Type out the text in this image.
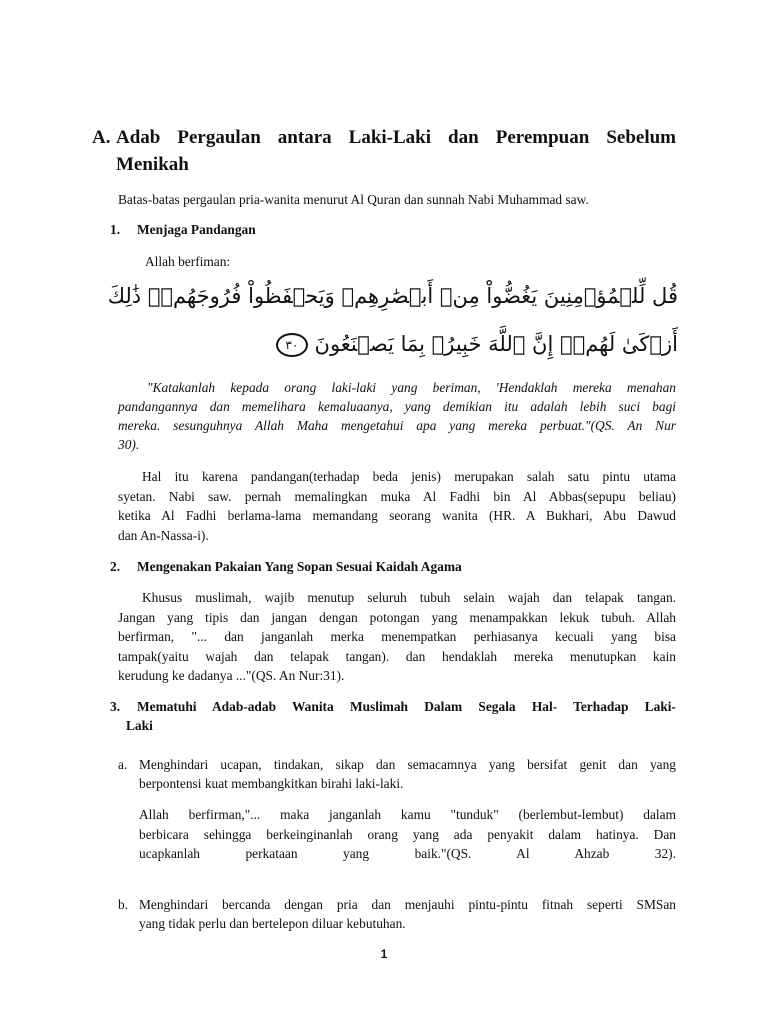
A. Adab Pergaulan antara Laki-Laki dan Perempuan Sebelum
Menikah
Batas-batas pergaulan pria-wanita menurut Al Quran dan sunnah Nabi Muhammad saw.
1. Menjaga Pandangan
Allah berfiman:
قُل لِّلۡمُؤۡمِنِينَ يَغُضُّواْ مِنۡ أَبۡصَٰرِهِمۡ وَيَحۡفَظُواْ فُرُوجَهُمۡۚ ذَٰلِكَ
أَزۡكَىٰ لَهُمۡۗ إِنَّ ٱللَّهَ خَبِيرُۢ بِمَا يَصۡنَعُونَ ٣٠
"Katakanlah kepada orang laki-laki yang beriman, 'Hendaklah mereka menahan
pandangannya dan memelihara kemaluaanya, yang demikian itu adalah lebih suci bagi
mereka. sesunguhnya Allah Maha mengetahui apa yang mereka perbuat."(QS. An Nur
30).
Hal itu karena pandangan(terhadap beda jenis) merupakan salah satu pintu utama
syetan. Nabi saw. pernah memalingkan muka Al Fadhi bin Al Abbas(sepupu beliau)
ketika Al Fadhi berlama-lama memandang seorang wanita (HR. A Bukhari, Abu Dawud
dan An-Nassa-i).
2. Mengenakan Pakaian Yang Sopan Sesuai Kaidah Agama
Khusus muslimah, wajib menutup seluruh tubuh selain wajah dan telapak tangan.
Jangan yang tipis dan jangan dengan potongan yang menampakkan lekuk tubuh. Allah
berfirman, "... dan janganlah merka menempatkan perhiasanya kecuali yang bisa
tampak(yaitu wajah dan telapak tangan). dan hendaklah mereka menutupkan kain
kerudung ke dadanya ..."(QS. An Nur:31).
3. Mematuhi Adab-adab Wanita Muslimah Dalam Segala Hal- Terhadap Laki-
Laki
a. Menghindari ucapan, tindakan, sikap dan semacamnya yang bersifat genit dan yang
berpontensi kuat membangkitkan birahi laki-laki.
Allah berfirman,"... maka janganlah kamu "tunduk" (berlembut-lembut) dalam
berbicara sehingga berkeinginanlah orang yang ada penyakit dalam hatinya. Dan
ucapkanlah perkataan yang baik."(QS. Al Ahzab 32).
b. Menghindari bercanda dengan pria dan menjauhi pintu-pintu fitnah seperti SMSan
yang tidak perlu dan bertelepon diluar kebutuhan.
1
